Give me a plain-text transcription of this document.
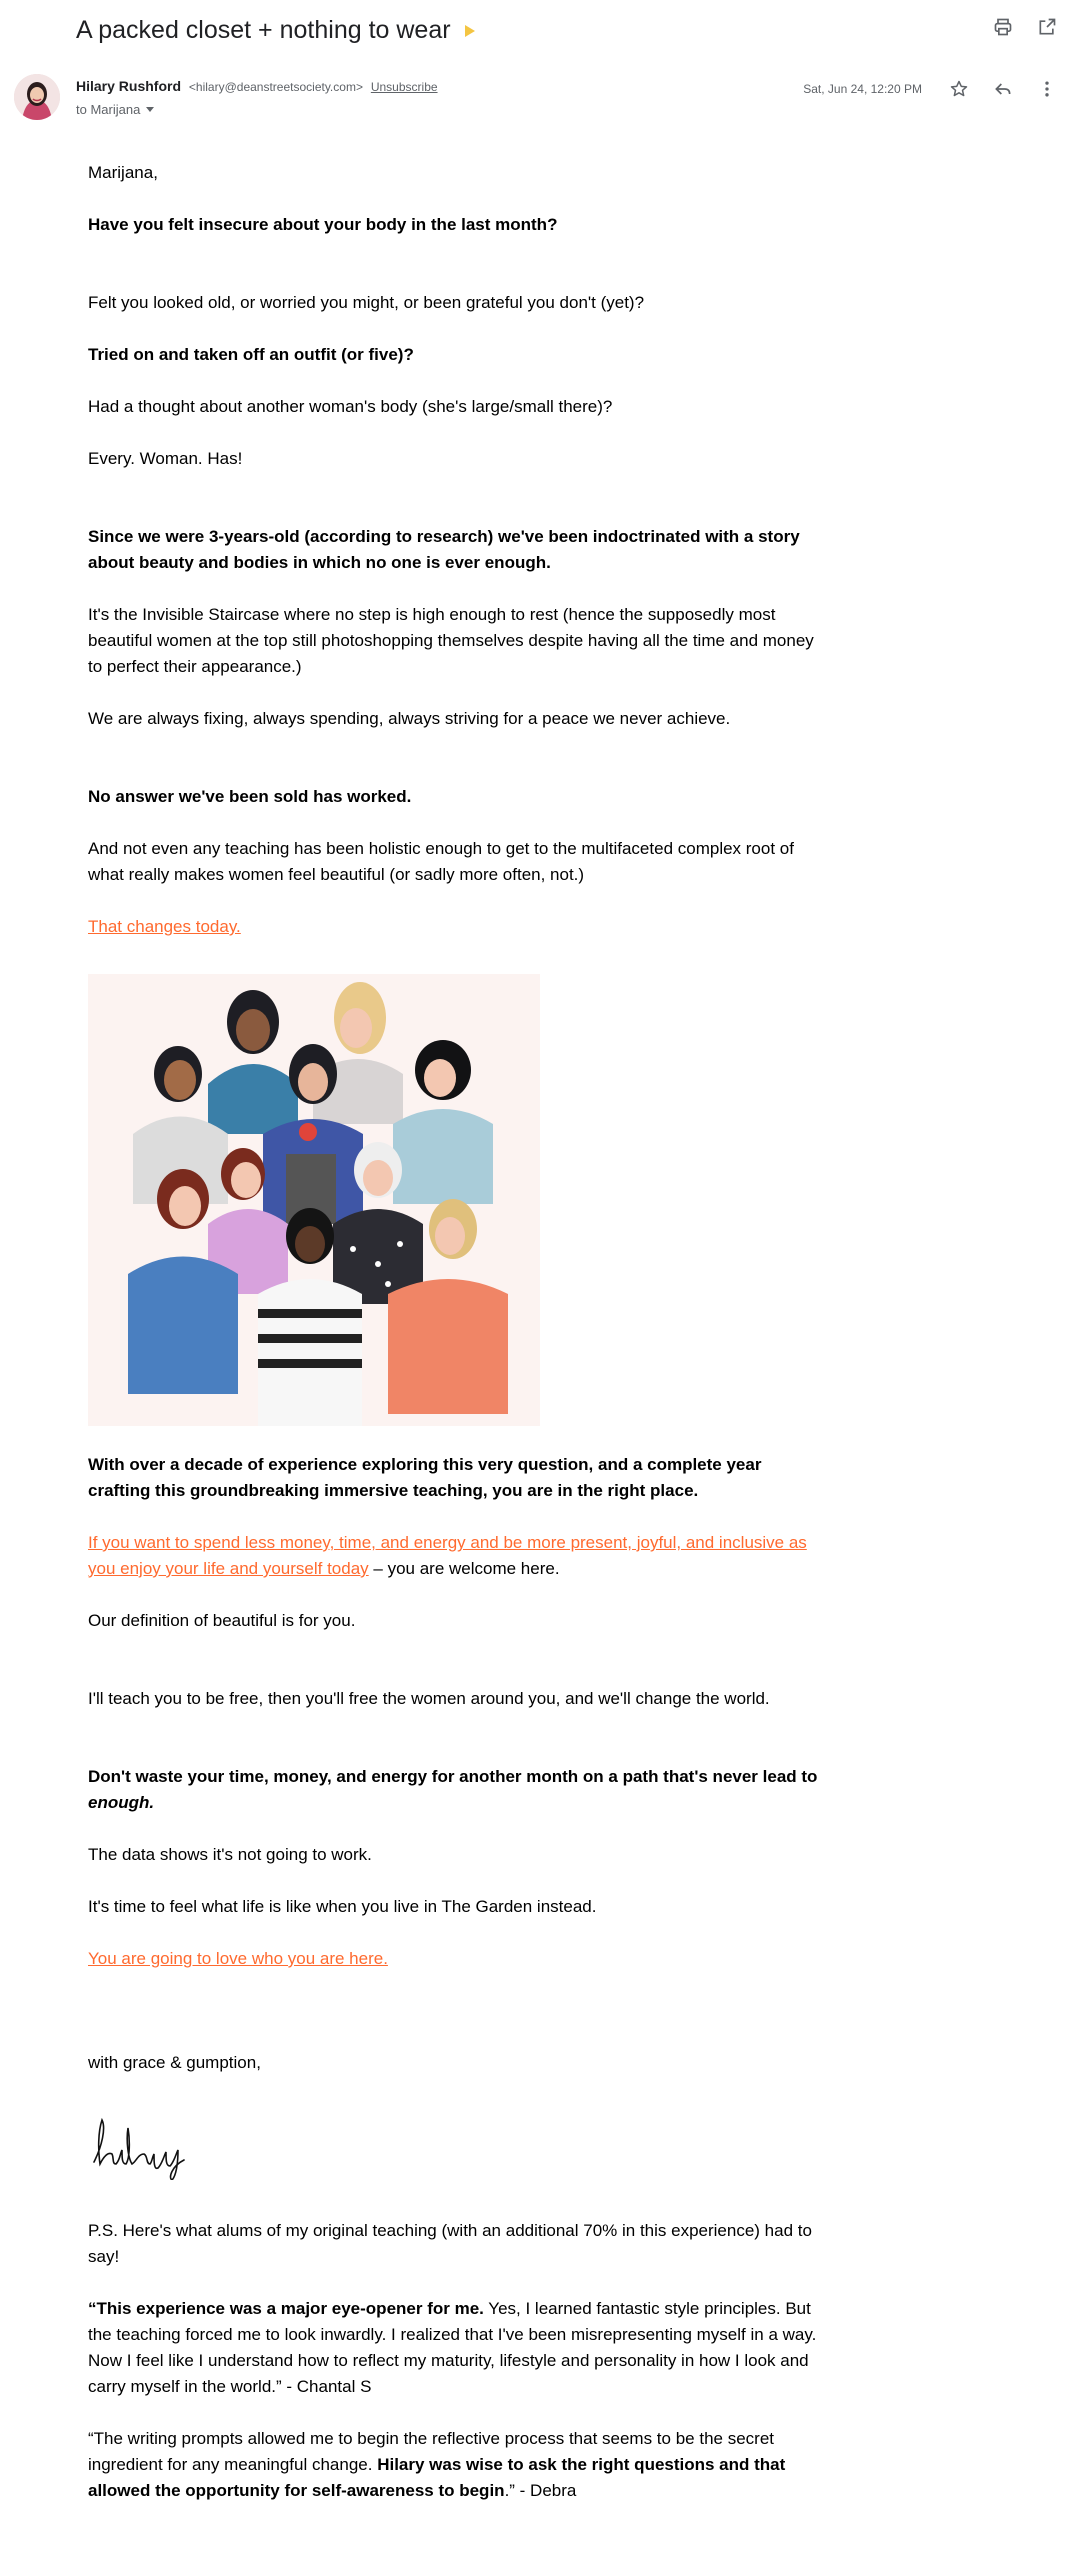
A packed closet + nothing to wear
Hilary Rushford <hilary@deanstreetsociety.com> Unsubscribe
to Marijana
Sat, Jun 24, 12:20 PM

Marijana,

Have you felt insecure about your body in the last month?

Felt you looked old, or worried you might, or been grateful you don't (yet)?

Tried on and taken off an outfit (or five)?

Had a thought about another woman's body (she's large/small there)?

Every. Woman. Has!

Since we were 3-years-old (according to research) we've been indoctrinated with a story about beauty and bodies in which no one is ever enough.

It's the Invisible Staircase where no step is high enough to rest (hence the supposedly most beautiful women at the top still photoshopping themselves despite having all the time and money to perfect their appearance.)

We are always fixing, always spending, always striving for a peace we never achieve.

No answer we've been sold has worked.

And not even any teaching has been holistic enough to get to the multifaceted complex root of what really makes women feel beautiful (or sadly more often, not.)

That changes today.

With over a decade of experience exploring this very question, and a complete year crafting this groundbreaking immersive teaching, you are in the right place.

If you want to spend less money, time, and energy and be more present, joyful, and inclusive as you enjoy your life and yourself today – you are welcome here.

Our definition of beautiful is for you.

I'll teach you to be free, then you'll free the women around you, and we'll change the world.

Don't waste your time, money, and energy for another month on a path that's never lead to enough.

The data shows it's not going to work.

It's time to feel what life is like when you live in The Garden instead.

You are going to love who you are here.

with grace & gumption,

P.S. Here's what alums of my original teaching (with an additional 70% in this experience) had to say!

“This experience was a major eye-opener for me. Yes, I learned fantastic style principles. But the teaching forced me to look inwardly. I realized that I've been misrepresenting myself in a way. Now I feel like I understand how to reflect my maturity, lifestyle and personality in how I look and carry myself in the world.” - Chantal S

“The writing prompts allowed me to begin the reflective process that seems to be the secret ingredient for any meaningful change. Hilary was wise to ask the right questions and that allowed the opportunity for self-awareness to begin.” - Debra
